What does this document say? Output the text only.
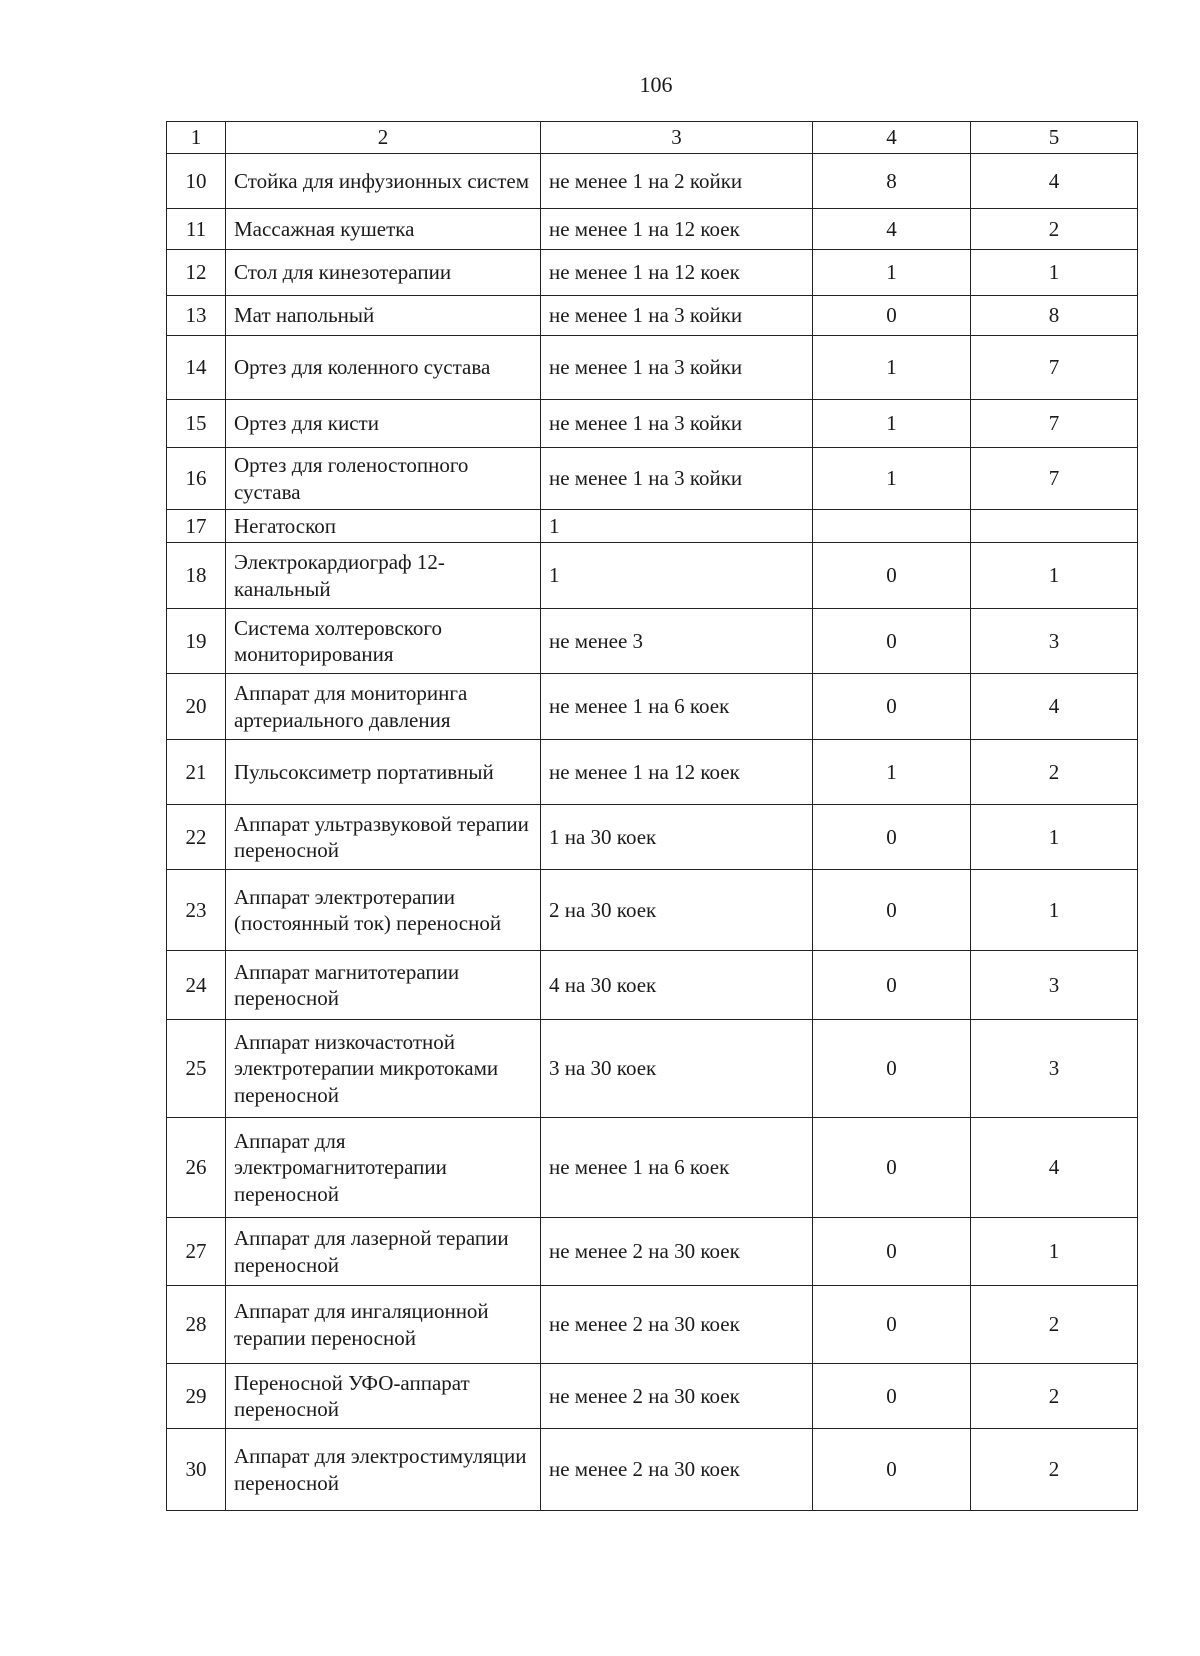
106
1	2	3	4	5
10	Стойка для инфузионных систем	не менее 1 на 2 койки	8	4
11	Массажная кушетка	не менее 1 на 12 коек	4	2
12	Стол для кинезотерапии	не менее 1 на 12 коек	1	1
13	Мат напольный	не менее 1 на 3 койки	0	8
14	Ортез для коленного сустава	не менее 1 на 3 койки	1	7
15	Ортез для кисти	не менее 1 на 3 койки	1	7
16	Ортез для голеностопного сустава	не менее 1 на 3 койки	1	7
17	Негатоскоп	1		
18	Электрокардиограф 12-канальный	1	0	1
19	Система холтеровского мониторирования	не менее 3	0	3
20	Аппарат для мониторинга артериального давления	не менее 1 на 6 коек	0	4
21	Пульсоксиметр портативный	не менее 1 на 12 коек	1	2
22	Аппарат ультразвуковой терапии переносной	1 на 30 коек	0	1
23	Аппарат электротерапии (постоянный ток) переносной	2 на 30 коек	0	1
24	Аппарат магнитотерапии переносной	4 на 30 коек	0	3
25	Аппарат низкочастотной электротерапии микротоками переносной	3 на 30 коек	0	3
26	Аппарат для электромагнитотерапии переносной	не менее 1 на 6 коек	0	4
27	Аппарат для лазерной терапии переносной	не менее 2 на 30 коек	0	1
28	Аппарат для ингаляционной терапии переносной	не менее 2 на 30 коек	0	2
29	Переносной УФО-аппарат переносной	не менее 2 на 30 коек	0	2
30	Аппарат для электростимуляции переносной	не менее 2 на 30 коек	0	2
